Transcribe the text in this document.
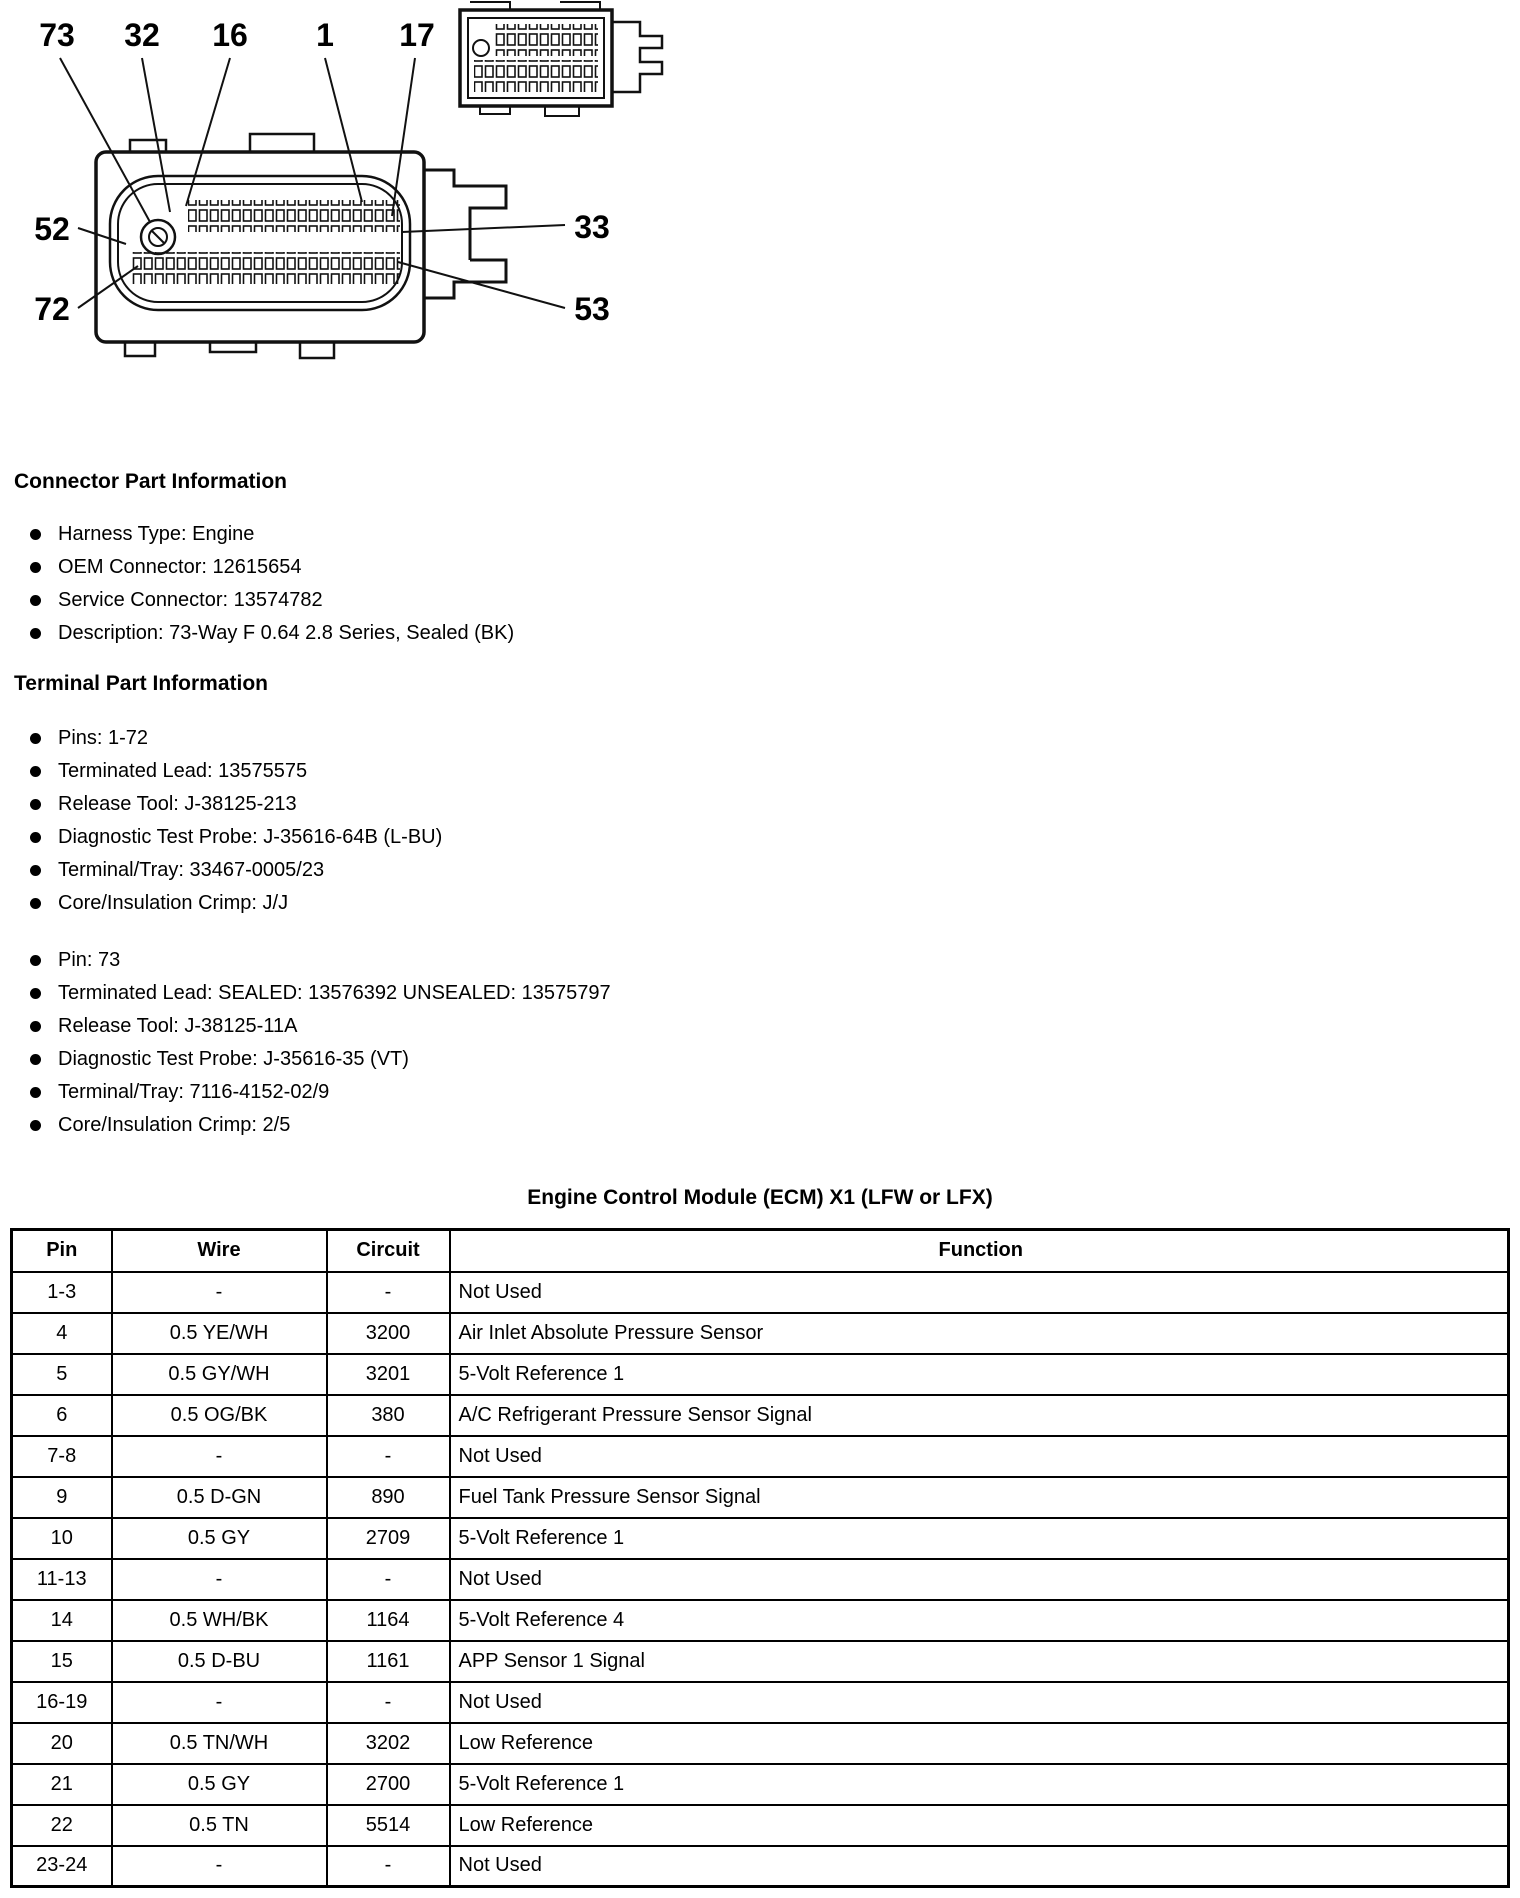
73 32 16 1 17
52
72
33
53
Connector Part Information
Harness Type: Engine
OEM Connector: 12615654
Service Connector: 13574782
Description: 73-Way F 0.64 2.8 Series, Sealed (BK)
Terminal Part Information
Pins: 1-72
Terminated Lead: 13575575
Release Tool: J-38125-213
Diagnostic Test Probe: J-35616-64B (L-BU)
Terminal/Tray: 33467-0005/23
Core/Insulation Crimp: J/J
Pin: 73
Terminated Lead: SEALED: 13576392 UNSEALED: 13575797
Release Tool: J-38125-11A
Diagnostic Test Probe: J-35616-35 (VT)
Terminal/Tray: 7116-4152-02/9
Core/Insulation Crimp: 2/5
Engine Control Module (ECM) X1 (LFW or LFX)
Pin	Wire	Circuit	Function
1-3	-	-	Not Used
4	0.5 YE/WH	3200	Air Inlet Absolute Pressure Sensor
5	0.5 GY/WH	3201	5-Volt Reference 1
6	0.5 OG/BK	380	A/C Refrigerant Pressure Sensor Signal
7-8	-	-	Not Used
9	0.5 D-GN	890	Fuel Tank Pressure Sensor Signal
10	0.5 GY	2709	5-Volt Reference 1
11-13	-	-	Not Used
14	0.5 WH/BK	1164	5-Volt Reference 4
15	0.5 D-BU	1161	APP Sensor 1 Signal
16-19	-	-	Not Used
20	0.5 TN/WH	3202	Low Reference
21	0.5 GY	2700	5-Volt Reference 1
22	0.5 TN	5514	Low Reference
23-24	-	-	Not Used
